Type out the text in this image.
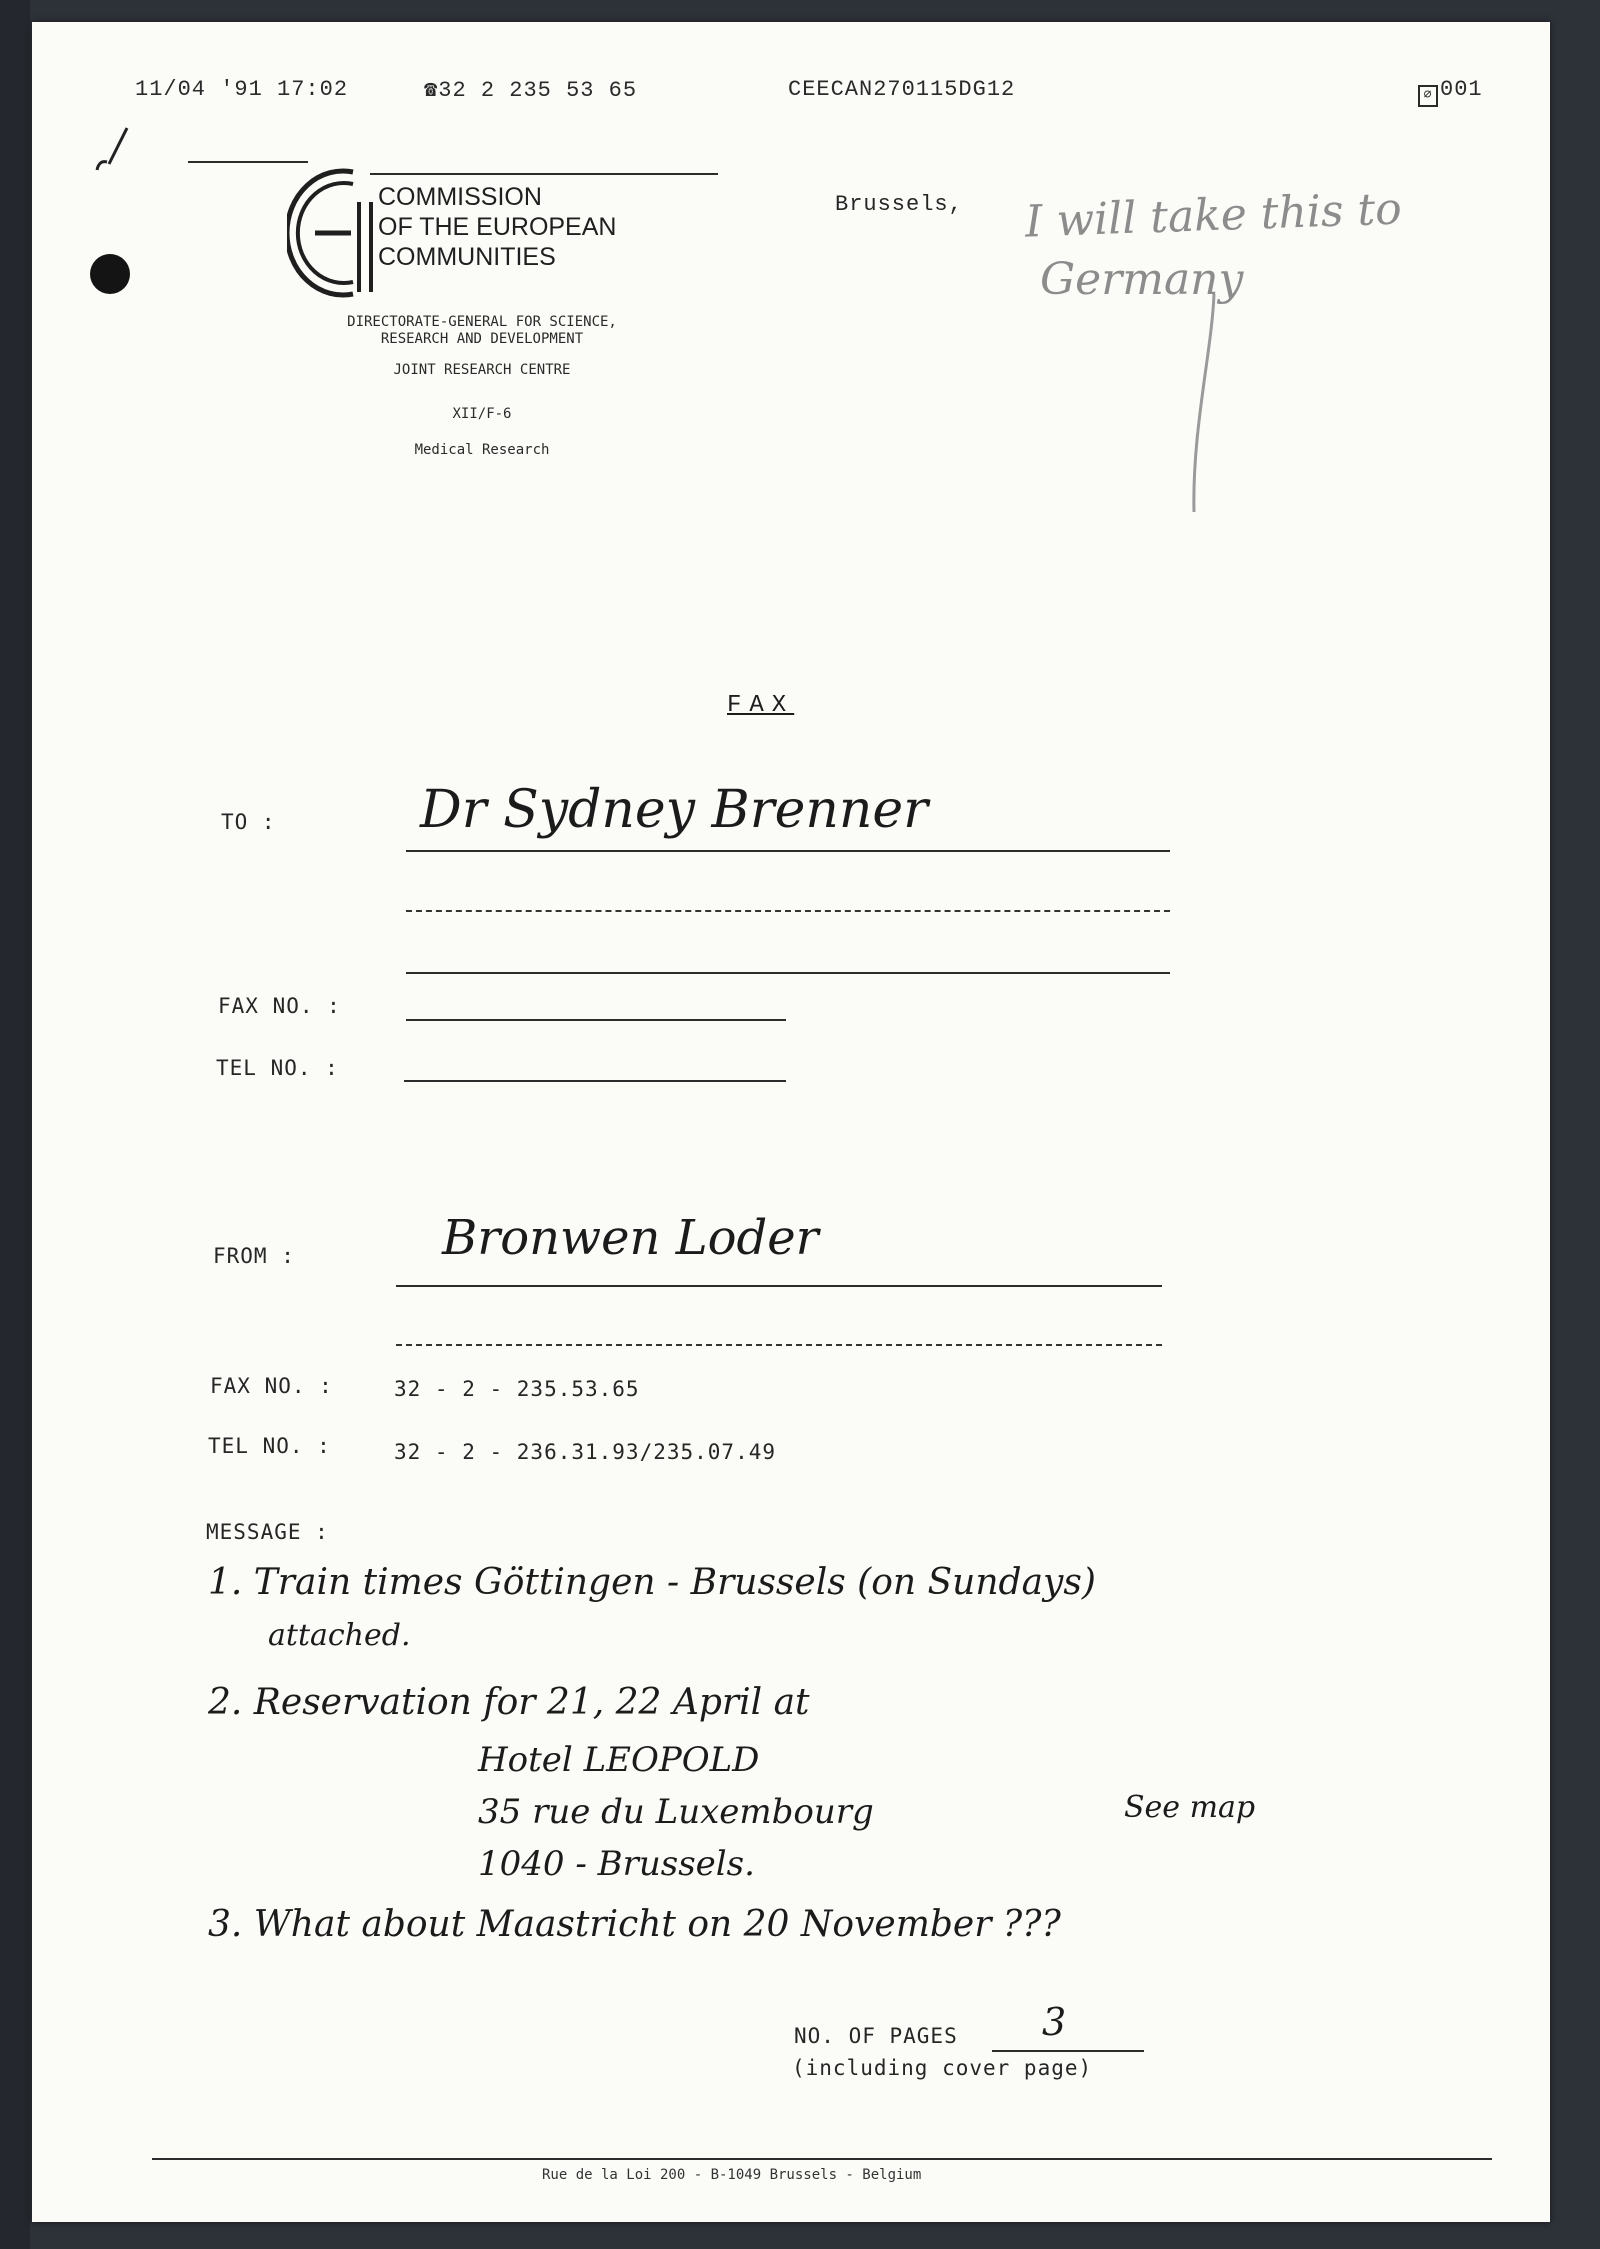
11/04 '91 17:02	☎32 2 235 53 65	CEECAN270115DG12	∅ 001
COMMISSION
OF THE EUROPEAN
COMMUNITIES
DIRECTORATE-GENERAL FOR SCIENCE,
RESEARCH AND DEVELOPMENT
JOINT RESEARCH CENTRE
XII/F-6
Medical Research
Brussels, I will take this to
Germany
FAX
TO :	Dr Sydney Brenner
FAX NO. :
TEL NO. :
FROM :	Bronwen Loder
FAX NO. :	32 - 2 - 235.53.65
TEL NO. :	32 - 2 - 236.31.93/235.07.49
MESSAGE :
1. Train times Göttingen - Brussels (on Sundays)
attached.
2. Reservation for 21, 22 April at
Hotel LEOPOLD
35 rue du Luxembourg
1040 - Brussels.
See map
3. What about Maastricht on 20 November ???
NO. OF PAGES 3
(including cover page)
Rue de la Loi 200 - B-1049 Brussels - Belgium
